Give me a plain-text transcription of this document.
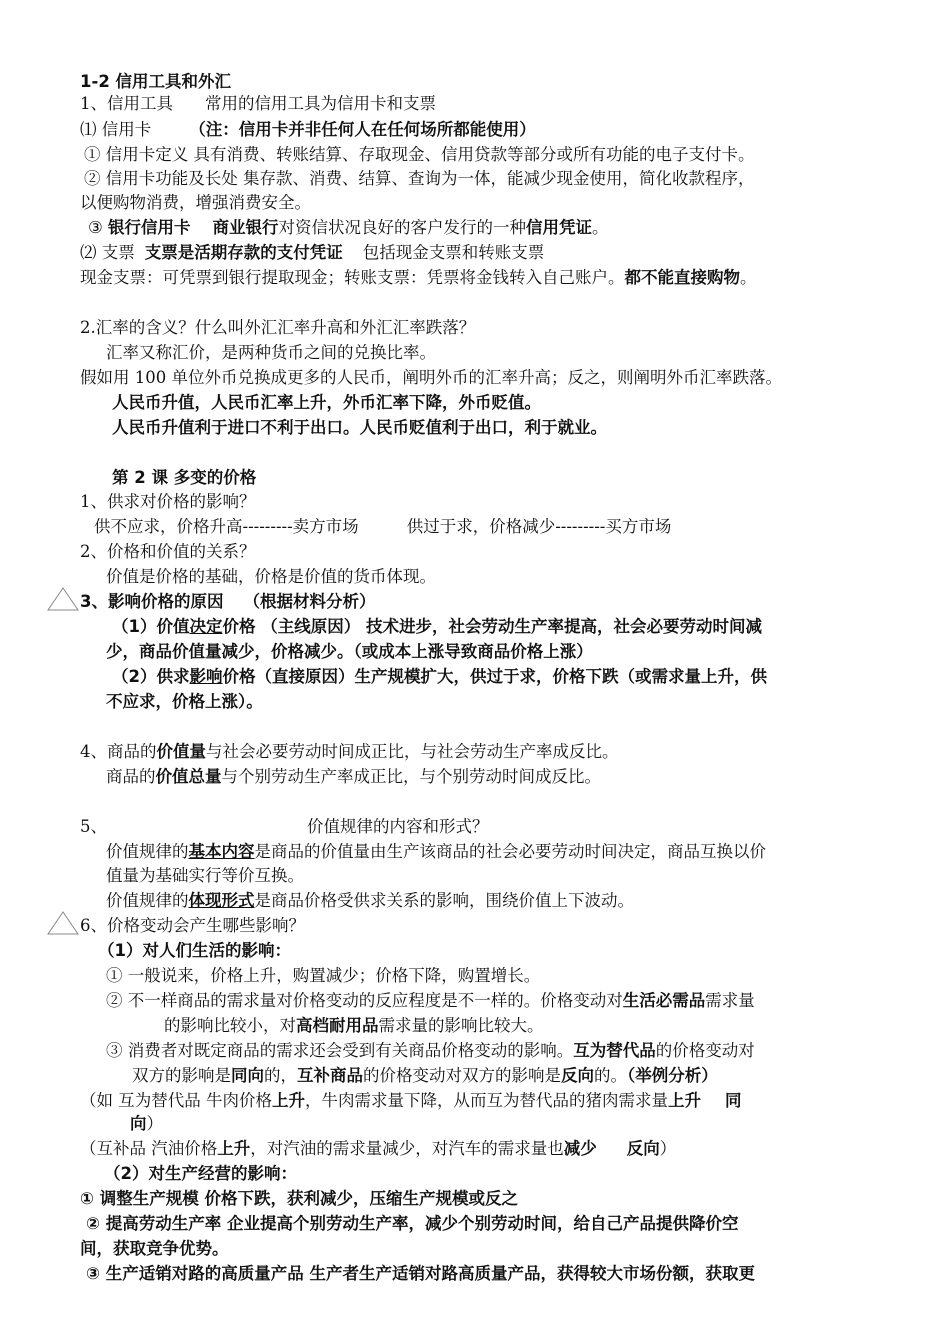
1-2 信用工具和外汇
1、信用工具 常用的信用工具为信用卡和支票
⑴ 信用卡 （注：信用卡并非任何人在任何场所都能使用）
① 信用卡定义 具有消费、转账结算、存取现金、信用贷款等部分或所有功能的电子支付卡。
② 信用卡功能及长处 集存款、消费、结算、查询为一体，能减少现金使用，简化收款程序，
以便购物消费，增强消费安全。
③ 银行信用卡 商业银行对资信状况良好的客户发行的一种信用凭证。
⑵ 支票 支票是活期存款的支付凭证 包括现金支票和转账支票
现金支票：可凭票到银行提取现金；转账支票：凭票将金钱转入自己账户。都不能直接购物。
2.汇率的含义？什么叫外汇汇率升高和外汇汇率跌落？
汇率又称汇价，是两种货币之间的兑换比率。
假如用 100 单位外币兑换成更多的人民币，阐明外币的汇率升高；反之，则阐明外币汇率跌落。
人民币升值，人民币汇率上升，外币汇率下降，外币贬值。
人民币升值利于进口不利于出口。人民币贬值利于出口，利于就业。
第 2 课 多变的价格
1、供求对价格的影响？
供不应求，价格升高---------卖方市场	供过于求，价格减少---------买方市场
2、价格和价值的关系？
价值是价格的基础，价格是价值的货币体现。
3、影响价格的原因 （根据材料分析）
（1）价值决定价格 （主线原因） 技术进步，社会劳动生产率提高，社会必要劳动时间减
少，商品价值量减少，价格减少。（或成本上涨导致商品价格上涨）
（2）供求影响价格（直接原因）生产规模扩大，供过于求，价格下跌（或需求量上升，供
不应求，价格上涨）。
4、商品的价值量与社会必要劳动时间成正比，与社会劳动生产率成反比。
商品的价值总量与个别劳动生产率成正比，与个别劳动时间成反比。
5、	价值规律的内容和形式？
价值规律的基本内容是商品的价值量由生产该商品的社会必要劳动时间决定，商品互换以价
值量为基础实行等价互换。
价值规律的体现形式是商品价格受供求关系的影响，围绕价值上下波动。
6、价格变动会产生哪些影响？
（1）对人们生活的影响：
① 一般说来，价格上升，购置减少；价格下降，购置增长。
② 不一样商品的需求量对价格变动的反应程度是不一样的。价格变动对生活必需品需求量
的影响比较小，对高档耐用品需求量的影响比较大。
③ 消费者对既定商品的需求还会受到有关商品价格变动的影响。互为替代品的价格变动对
双方的影响是同向的，互补商品的价格变动对双方的影响是反向的。（举例分析）
（如 互为替代品 牛肉价格上升，牛肉需求量下降，从而互为替代品的猪肉需求量上升 同
向）
（互补品 汽油价格上升，对汽油的需求量减少，对汽车的需求量也减少 反向）
（2）对生产经营的影响：
① 调整生产规模 价格下跌，获利减少，压缩生产规模或反之
② 提高劳动生产率 企业提高个别劳动生产率，减少个别劳动时间，给自己产品提供降价空
间，获取竞争优势。
③ 生产适销对路的高质量产品 生产者生产适销对路高质量产品，获得较大市场份额，获取更
